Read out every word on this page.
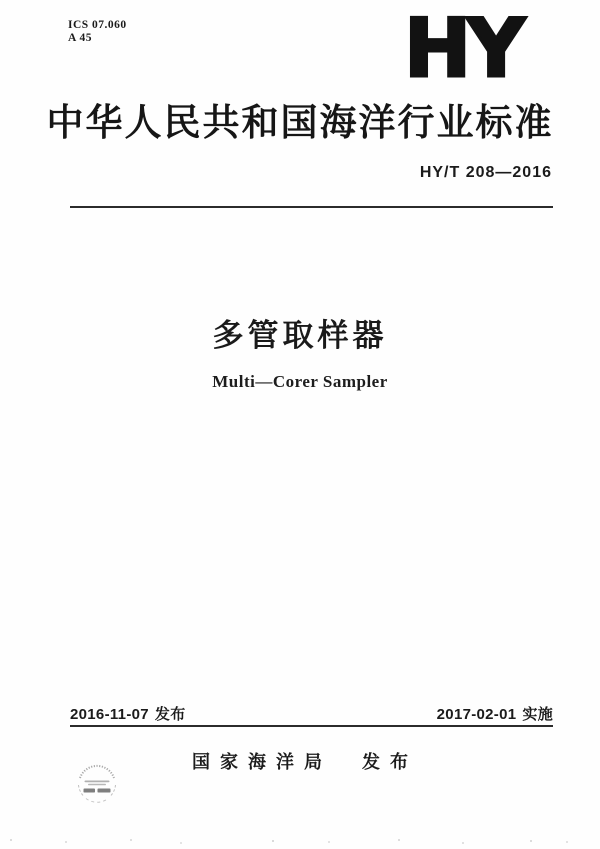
ICS 07.060
A 45	HY
中华人民共和国海洋行业标准
HY/T 208—2016
多管取样器
Multi—Corer Sampler
2016-11-07 发布	2017-02-01 实施
国家海洋局	发布
